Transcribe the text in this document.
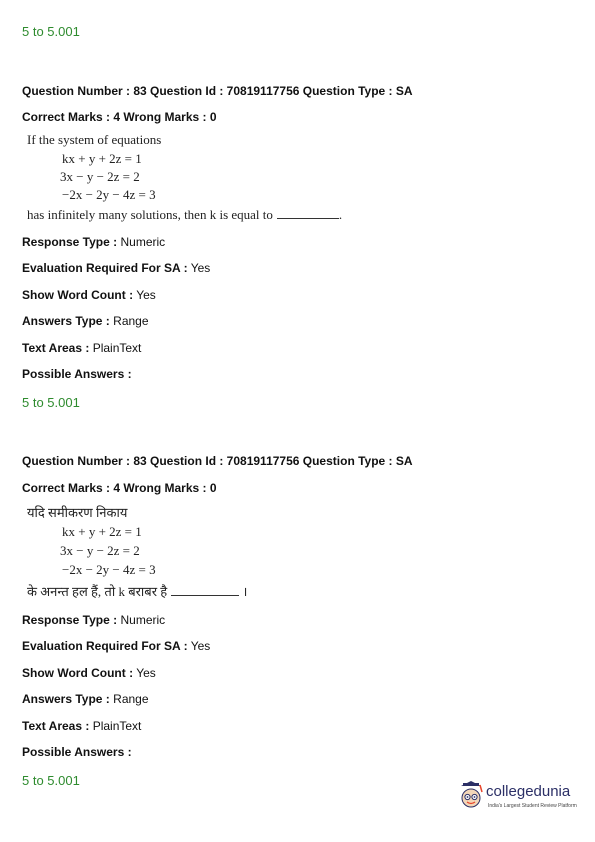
5 to 5.001
Question Number : 83 Question Id : 70819117756 Question Type : SA
Correct Marks : 4 Wrong Marks : 0
If the system of equations
kx + y + 2z = 1
3x − y − 2z = 2
−2x − 2y − 4z = 3
has infinitely many solutions, then k is equal to	.
Response Type : Numeric
Evaluation Required For SA : Yes
Show Word Count : Yes
Answers Type : Range
Text Areas : PlainText
Possible Answers :
5 to 5.001
Question Number : 83 Question Id : 70819117756 Question Type : SA
Correct Marks : 4 Wrong Marks : 0
यदि समीकरण निकाय
kx + y + 2z = 1
3x − y − 2z = 2
−2x − 2y − 4z = 3
के अनन्त हल हैं, तो k बराबर है	।
Response Type : Numeric
Evaluation Required For SA : Yes
Show Word Count : Yes
Answers Type : Range
Text Areas : PlainText
Possible Answers :
5 to 5.001
collegedunia
India's Largest Student Review Platform
